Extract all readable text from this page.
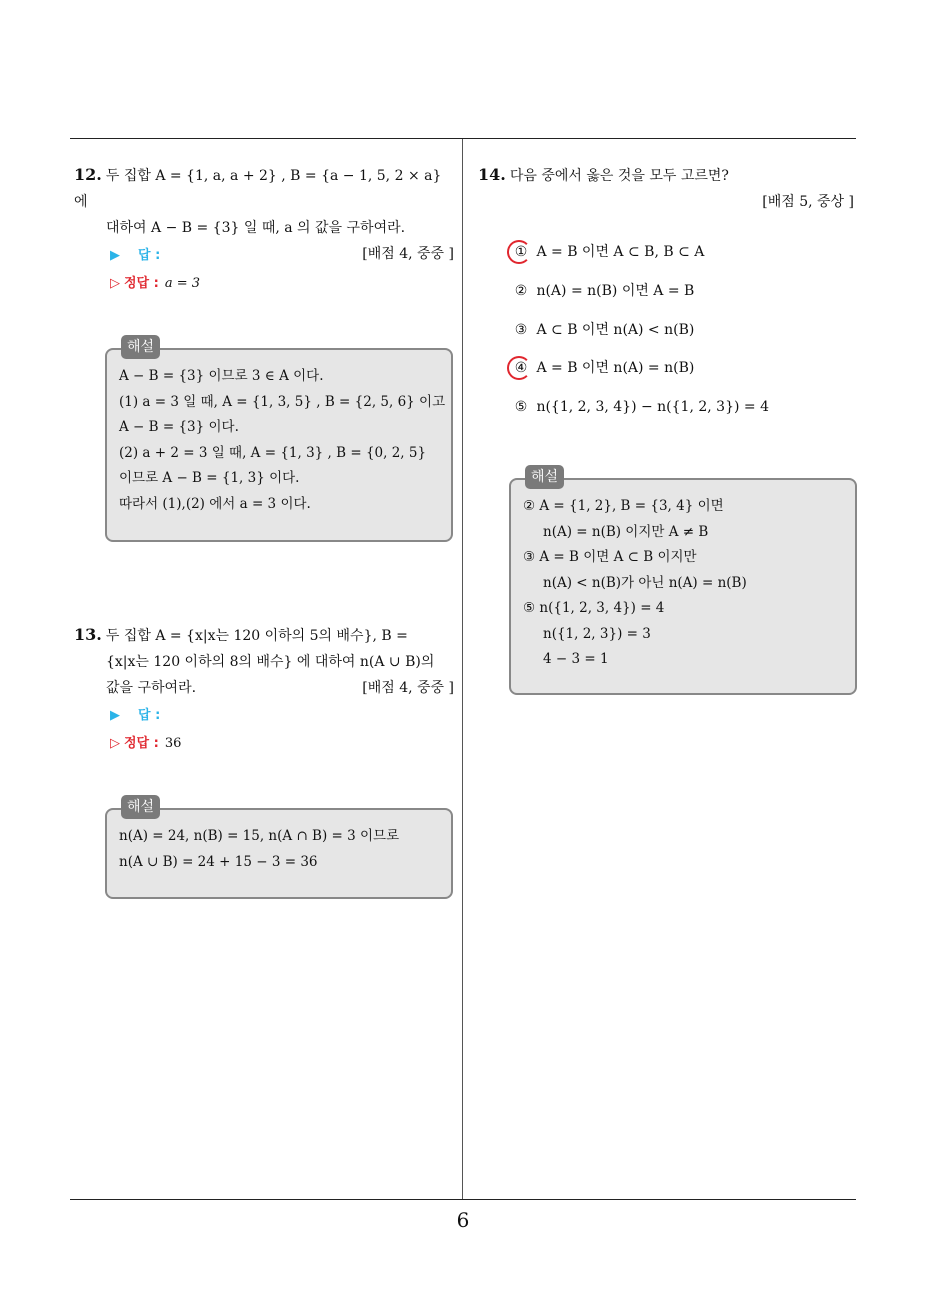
12. 두 집합 A = {1, a, a + 2} , B = {a − 1, 5, 2 × a} 에
대하여 A − B = {3} 일 때, a 의 값을 구하여라.
[배점 4, 중중 ]
▶ 답 :
▷ 정답 : a = 3
해설
A − B = {3} 이므로 3 ∈ A 이다.
(1) a = 3 일 때, A = {1, 3, 5} , B = {2, 5, 6} 이고
A − B = {3} 이다.
(2) a + 2 = 3 일 때, A = {1, 3} , B = {0, 2, 5}
이므로 A − B = {1, 3} 이다.
따라서 (1),(2) 에서 a = 3 이다.
13. 두 집합 A = {x|x는 120 이하의 5의 배수}, B =
{x|x는 120 이하의 8의 배수} 에 대하여 n(A ∪ B)의
값을 구하여라.	[배점 4, 중중 ]
▶ 답 :
▷ 정답 : 36
해설
n(A) = 24, n(B) = 15, n(A ∩ B) = 3 이므로
n(A ∪ B) = 24 + 15 − 3 = 36
14. 다음 중에서 옳은 것을 모두 고르면?
[배점 5, 중상 ]
① A = B 이면 A ⊂ B, B ⊂ A
② n(A) = n(B) 이면 A = B
③ A ⊂ B 이면 n(A) < n(B)
④ A = B 이면 n(A) = n(B)
⑤ n({1, 2, 3, 4}) − n({1, 2, 3}) = 4
해설
② A = {1, 2}, B = {3, 4} 이면
n(A) = n(B) 이지만 A ≠ B
③ A = B 이면 A ⊂ B 이지만
n(A) < n(B)가 아닌 n(A) = n(B)
⑤ n({1, 2, 3, 4}) = 4
n({1, 2, 3}) = 3
4 − 3 = 1
6
